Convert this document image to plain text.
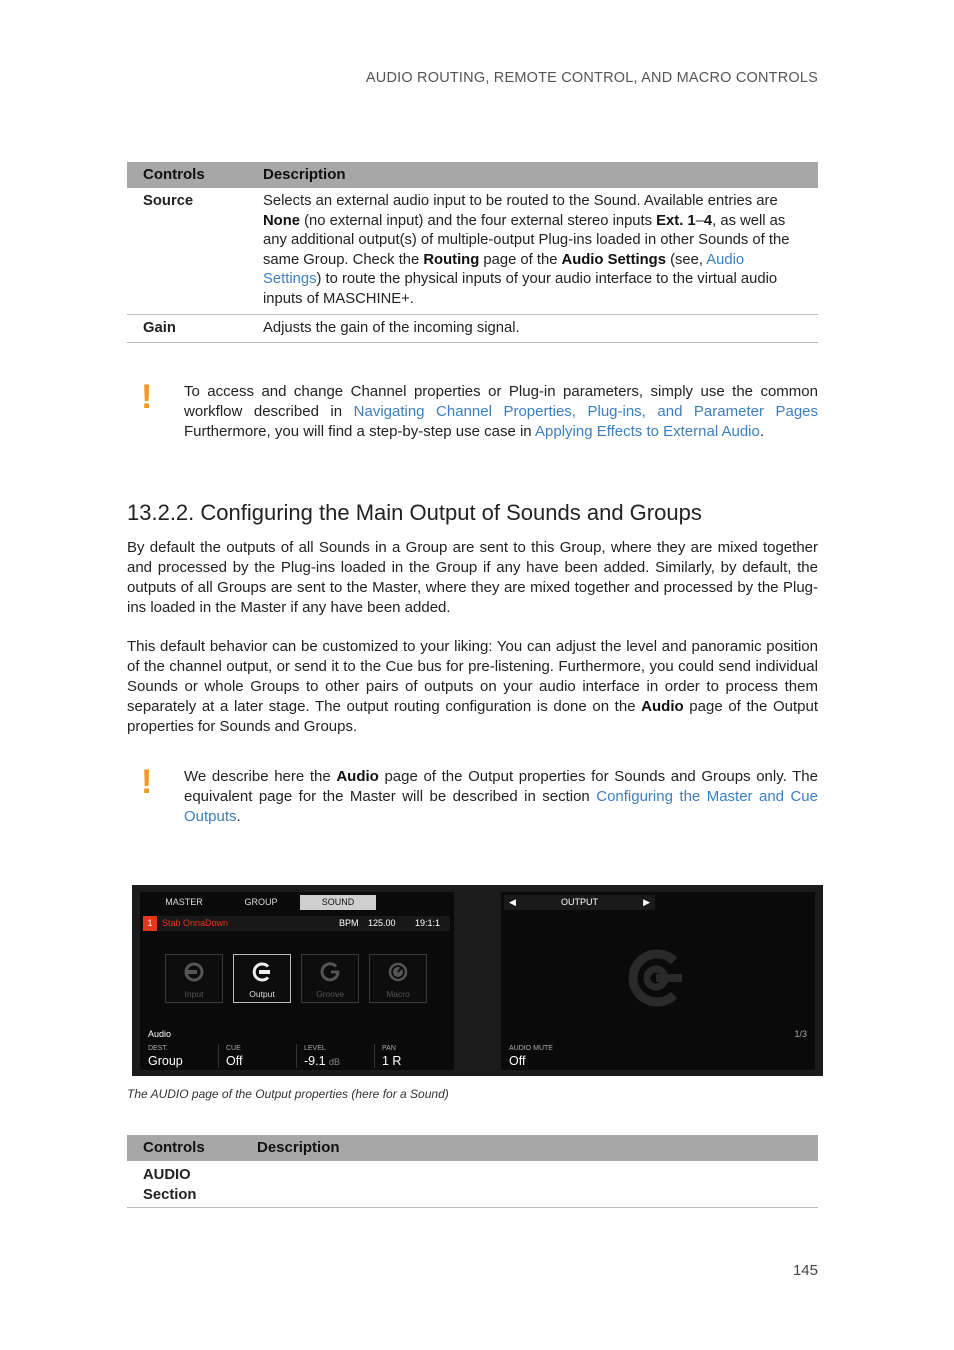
AUDIO ROUTING, REMOTE CONTROL, AND MACRO CONTROLS
Controls	Description
Source	Selects an external audio input to be routed to the Sound. Available entries are None (no external input) and the four external stereo inputs Ext. 1–4, as well as any additional output(s) of multiple-output Plug-ins loaded in other Sounds of the same Group. Check the Routing page of the Audio Settings (see, Audio Settings) to route the physical inputs of your audio interface to the virtual audio inputs of MASCHINE+.
Gain	Adjusts the gain of the incoming signal.
! To access and change Channel properties or Plug-in parameters, simply use the common workflow described in Navigating Channel Properties, Plug-ins, and Parameter Pages Furthermore, you will find a step-by-step use case in Applying Effects to External Audio.
13.2.2. Configuring the Main Output of Sounds and Groups

By default the outputs of all Sounds in a Group are sent to this Group, where they are mixed together and processed by the Plug-ins loaded in the Group if any have been added. Similarly, by default, the outputs of all Groups are sent to the Master, where they are mixed together and processed by the Plug-ins loaded in the Master if any have been added.

This default behavior can be customized to your liking: You can adjust the level and panoramic position of the channel output, or send it to the Cue bus for pre-listening. Furthermore, you could send individual Sounds or whole Groups to other pairs of outputs on your audio interface in order to process them separately at a later stage. The output routing configuration is done on the Audio page of the Output properties for Sounds and Groups.

! We describe here the Audio page of the Output properties for Sounds and Groups only. The equivalent page for the Master will be described in section Configuring the Master and Cue Outputs.
MASTER	GROUP	SOUND
1	Stab OnnaDown	BPM 125.00 19:1:1
Input	Output	Groove	Macro
Audio
DEST.
Group
CUE
Off
LEVEL
-9.1 dB
PAN
1 R
◀	OUTPUT	▶
1/3
AUDIO MUTE
Off
The AUDIO page of the Output properties (here for a Sound)
Controls	Description
AUDIO
Section
145
